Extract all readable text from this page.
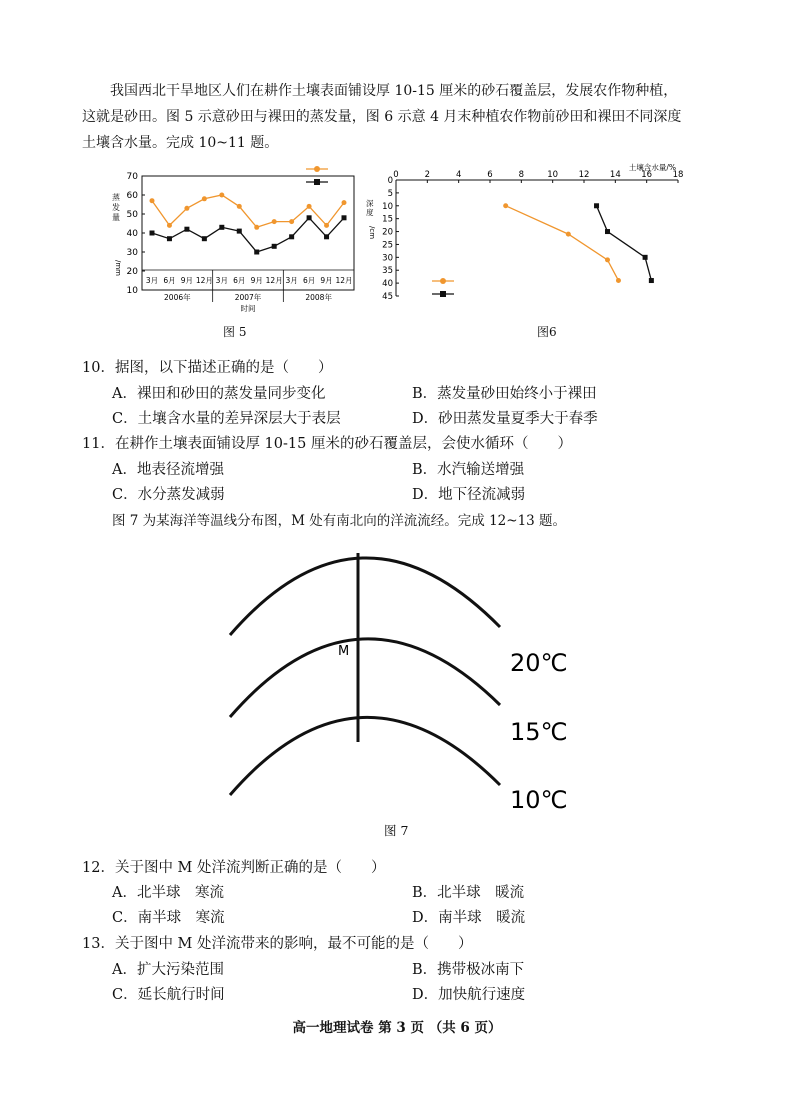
我国西北干旱地区人们在耕作土壤表面铺设厚 10-15 厘米的砂石覆盖层，发展农作物种植，

这就是砂田。图 5 示意砂田与裸田的蒸发量，图 6 示意 4 月末种植农作物前砂田和裸田不同深度

土壤含水量。完成 10~11 题。

10
20
30
40
50
60
70
3月 6月 9月 12月 3月 6月 9月 12月 3月 6月 9月 12月
2006年	2007年	2008年
时间
蒸
发
量
/mm
图 5
0	2	4	6	8	10 12 14 16 18
0
5
10
15
20
25
30
35
40
45
土壤含水量/%
深
度
/cm
图6
10．据图，以下描述正确的是（　　）
A．裸田和砂田的蒸发量同步变化	B．蒸发量砂田始终小于裸田
C．土壤含水量的差异深层大于表层	D．砂田蒸发量夏季大于春季
11．在耕作土壤表面铺设厚 10-15 厘米的砂石覆盖层，会使水循环（　　）
A．地表径流增强	B．水汽输送增强
C．水分蒸发减弱	D．地下径流减弱
图 7 为某海洋等温线分布图，M 处有南北向的洋流流经。完成 12~13 题。
M	20℃
15℃
10℃
图 7
12．关于图中 M 处洋流判断正确的是（　　）
A．北半球　寒流	B．北半球　暖流
C．南半球　寒流	D．南半球　暖流
13．关于图中 M 处洋流带来的影响，最不可能的是（　　）
A．扩大污染范围	B．携带极冰南下
C．延长航行时间	D．加快航行速度
高一地理试卷 第 3 页 （共 6 页）
